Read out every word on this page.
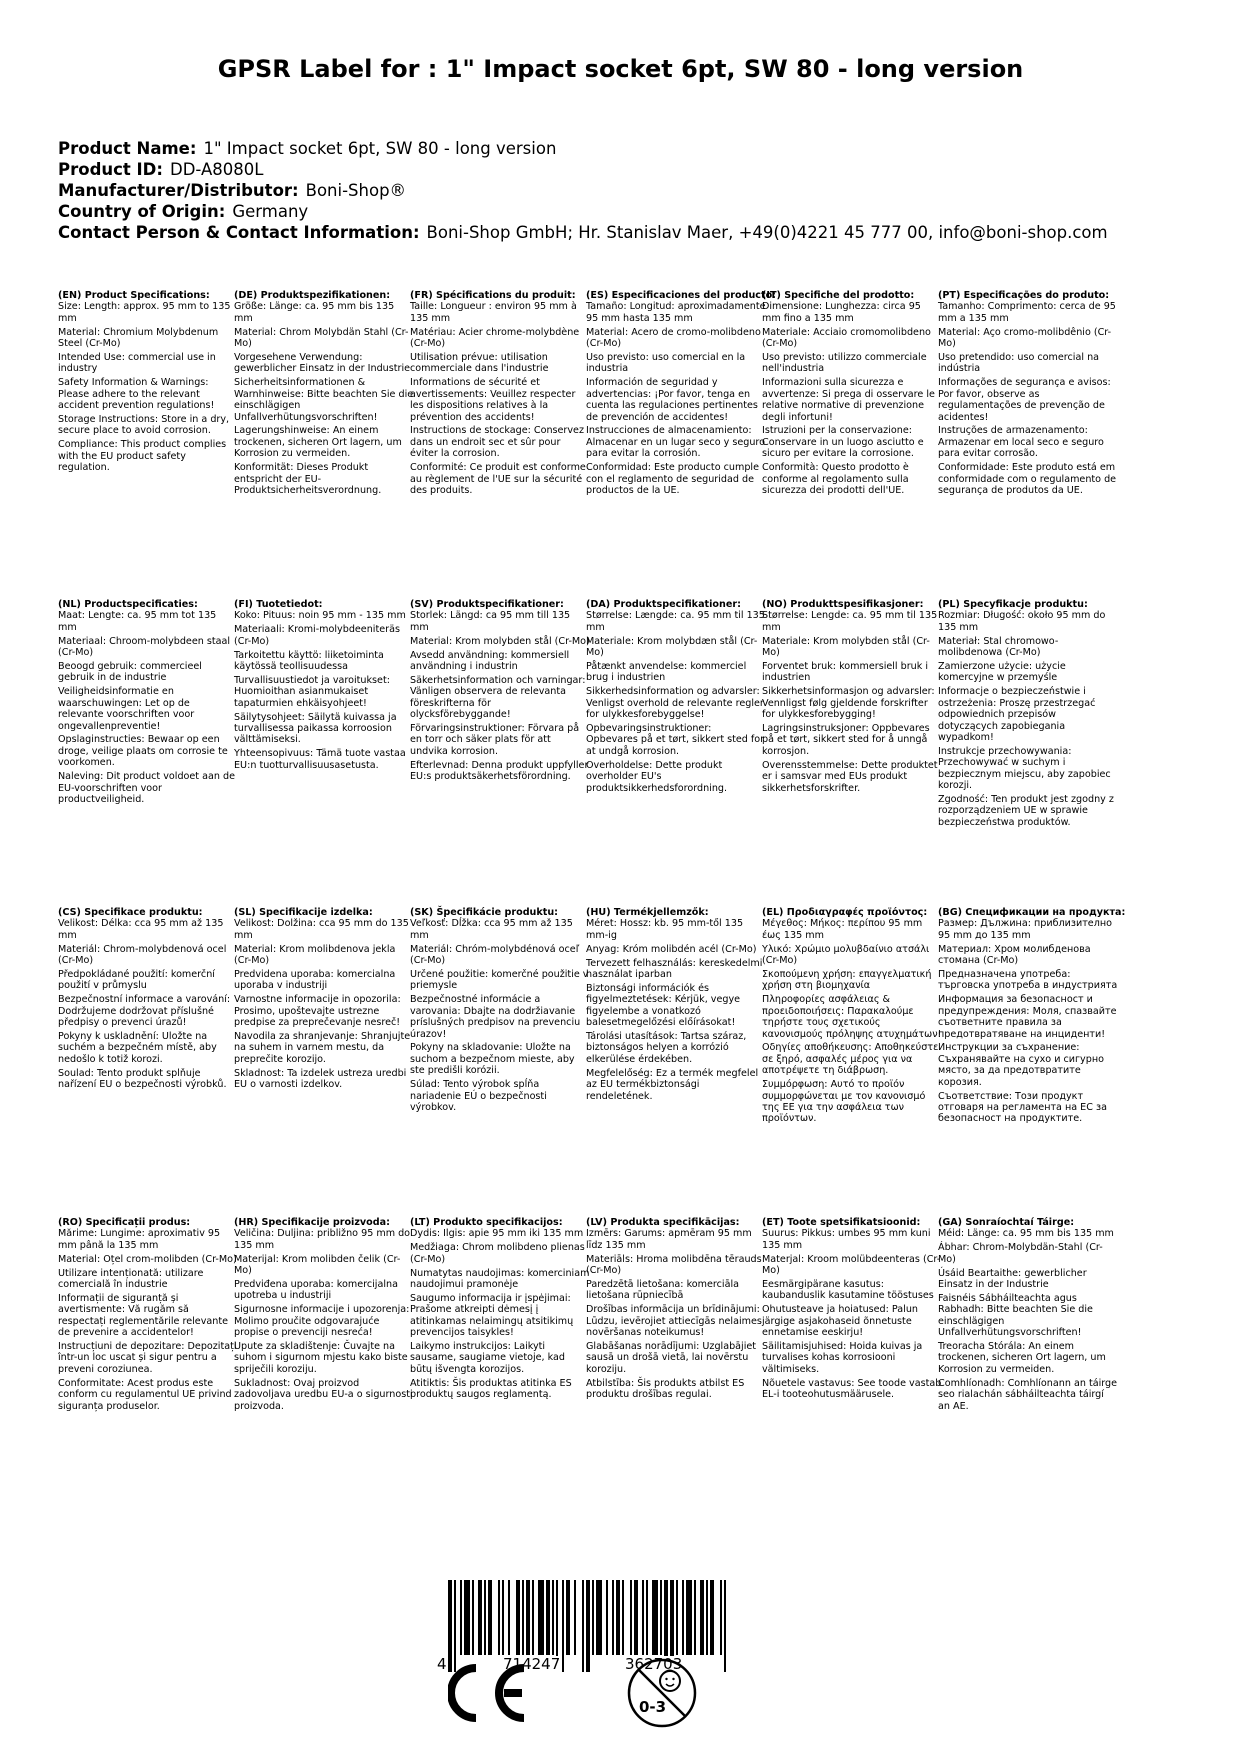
GPSR Label for : 1" Impact socket 6pt, SW 80 - long version
Product Name: 1" Impact socket 6pt, SW 80 - long version
Product ID: DD-A8080L
Manufacturer/Distributor: Boni-Shop®
Country of Origin: Germany
Contact Person & Contact Information: Boni-Shop GmbH; Hr. Stanislav Maer, +49(0)4221 45 777 00, info@boni-shop.com
(EN) Product Specifications:
Size: Length: approx. 95 mm to 135 mm
Material: Chromium Molybdenum Steel (Cr-Mo)
Intended Use: commercial use in industry
Safety Information & Warnings: Please adhere to the relevant accident prevention regulations!
Storage Instructions: Store in a dry, secure place to avoid corrosion.
Compliance: This product complies with the EU product safety regulation.
(DE) Produktspezifikationen:
Größe: Länge: ca. 95 mm bis 135 mm
Material: Chrom Molybdän Stahl (Cr-Mo)
Vorgesehene Verwendung: gewerblicher Einsatz in der Industrie
Sicherheitsinformationen & Warnhinweise: Bitte beachten Sie die einschlägigen Unfallverhütungsvorschriften!
Lagerungshinweise: An einem trockenen, sicheren Ort lagern, um Korrosion zu vermeiden.
Konformität: Dieses Produkt entspricht der EU-Produktsicherheitsverordnung.
(FR) Spécifications du produit:
Taille: Longueur : environ 95 mm à 135 mm
Matériau: Acier chrome-molybdène (Cr-Mo)
Utilisation prévue: utilisation commerciale dans l'industrie
Informations de sécurité et avertissements: Veuillez respecter les dispositions relatives à la prévention des accidents!
Instructions de stockage: Conservez dans un endroit sec et sûr pour éviter la corrosion.
Conformité: Ce produit est conforme au règlement de l'UE sur la sécurité des produits.
(ES) Especificaciones del producto:
Tamaño: Longitud: aproximadamente 95 mm hasta 135 mm
Material: Acero de cromo-molibdeno (Cr-Mo)
Uso previsto: uso comercial en la industria
Información de seguridad y advertencias: ¡Por favor, tenga en cuenta las regulaciones pertinentes de prevención de accidentes!
Instrucciones de almacenamiento: Almacenar en un lugar seco y seguro para evitar la corrosión.
Conformidad: Este producto cumple con el reglamento de seguridad de productos de la UE.
(IT) Specifiche del prodotto:
Dimensione: Lunghezza: circa 95 mm fino a 135 mm
Materiale: Acciaio cromomolibdeno (Cr-Mo)
Uso previsto: utilizzo commerciale nell'industria
Informazioni sulla sicurezza e avvertenze: Si prega di osservare le relative normative di prevenzione degli infortuni!
Istruzioni per la conservazione: Conservare in un luogo asciutto e sicuro per evitare la corrosione.
Conformità: Questo prodotto è conforme al regolamento sulla sicurezza dei prodotti dell'UE.
(PT) Especificações do produto:
Tamanho: Comprimento: cerca de 95 mm a 135 mm
Material: Aço cromo-molibdênio (Cr-Mo)
Uso pretendido: uso comercial na indústria
Informações de segurança e avisos: Por favor, observe as regulamentações de prevenção de acidentes!
Instruções de armazenamento: Armazenar em local seco e seguro para evitar corrosão.
Conformidade: Este produto está em conformidade com o regulamento de segurança de produtos da UE.
(NL) Productspecificaties:
Maat: Lengte: ca. 95 mm tot 135 mm
Materiaal: Chroom-molybdeen staal (Cr-Mo)
Beoogd gebruik: commercieel gebruik in de industrie
Veiligheidsinformatie en waarschuwingen: Let op de relevante voorschriften voor ongevallenpreventie!
Opslaginstructies: Bewaar op een droge, veilige plaats om corrosie te voorkomen.
Naleving: Dit product voldoet aan de EU-voorschriften voor productveiligheid.
(FI) Tuotetiedot:
Koko: Pituus: noin 95 mm - 135 mm
Materiaali: Kromi-molybdeeniteräs (Cr-Mo)
Tarkoitettu käyttö: liiketoiminta käytössä teollisuudessa
Turvallisuustiedot ja varoitukset: Huomioithan asianmukaiset tapaturmien ehkäisyohjeet!
Säilytysohjeet: Säilytä kuivassa ja turvallisessa paikassa korroosion välttämiseksi.
Yhteensopivuus: Tämä tuote vastaa EU:n tuotturvallisuusasetusta.
(SV) Produktspecifikationer:
Storlek: Längd: ca 95 mm till 135 mm
Material: Krom molybden stål (Cr-Mo)
Avsedd användning: kommersiell användning i industrin
Säkerhetsinformation och varningar: Vänligen observera de relevanta föreskrifterna för olycksförebyggande!
Förvaringsinstruktioner: Förvara på en torr och säker plats för att undvika korrosion.
Efterlevnad: Denna produkt uppfyller EU:s produktsäkerhetsförordning.
(DA) Produktspecifikationer:
Størrelse: Længde: ca. 95 mm til 135 mm
Materiale: Krom molybdæn stål (Cr-Mo)
Påtænkt anvendelse: kommerciel brug i industrien
Sikkerhedsinformation og advarsler: Venligst overhold de relevante regler for ulykkesforebyggelse!
Opbevaringsinstruktioner: Opbevares på et tørt, sikkert sted for at undgå korrosion.
Overholdelse: Dette produkt overholder EU's produktsikkerhedsforordning.
(NO) Produkttspesifikasjoner:
Størrelse: Lengde: ca. 95 mm til 135 mm
Materiale: Krom molybden stål (Cr-Mo)
Forventet bruk: kommersiell bruk i industrien
Sikkerhetsinformasjon og advarsler: Vennligst følg gjeldende forskrifter for ulykkesforebygging!
Lagringsinstruksjoner: Oppbevares på et tørt, sikkert sted for å unngå korrosjon.
Overensstemmelse: Dette produktet er i samsvar med EUs produkt sikkerhetsforskrifter.
(PL) Specyfikacje produktu:
Rozmiar: Długość: około 95 mm do 135 mm
Materiał: Stal chromowo-molibdenowa (Cr-Mo)
Zamierzone użycie: użycie komercyjne w przemyśle
Informacje o bezpieczeństwie i ostrzeżenia: Proszę przestrzegać odpowiednich przepisów dotyczących zapobiegania wypadkom!
Instrukcje przechowywania: Przechowywać w suchym i bezpiecznym miejscu, aby zapobiec korozji.
Zgodność: Ten produkt jest zgodny z rozporządzeniem UE w sprawie bezpieczeństwa produktów.
(CS) Specifikace produktu:
Velikost: Délka: cca 95 mm až 135 mm
Materiál: Chrom-molybdenová ocel (Cr-Mo)
Předpokládané použití: komerční použití v průmyslu
Bezpečnostní informace a varování: Dodržujeme dodržovat příslušné předpisy o prevenci úrazů!
Pokyny k uskladnění: Uložte na suchém a bezpečném místě, aby nedošlo k totiž korozi.
Soulad: Tento produkt splňuje nařízení EU o bezpečnosti výrobků.
(SL) Specifikacije izdelka:
Velikost: Dolžina: cca 95 mm do 135 mm
Material: Krom molibdenova jekla (Cr-Mo)
Predvidena uporaba: komercialna uporaba v industriji
Varnostne informacije in opozorila: Prosimo, upoštevajte ustrezne predpise za preprečevanje nesreč!
Navodila za shranjevanje: Shranjujte na suhem in varnem mestu, da preprečite korozijo.
Skladnost: Ta izdelek ustreza uredbi EU o varnosti izdelkov.
(SK) Špecifikácie produktu:
Veľkosť: Dĺžka: cca 95 mm až 135 mm
Materiál: Chróm-molybdénová oceľ (Cr-Mo)
Určené použitie: komerčné použitie v priemysle
Bezpečnostné informácie a varovania: Dbajte na dodržiavanie príslušných predpisov na prevenciu úrazov!
Pokyny na skladovanie: Uložte na suchom a bezpečnom mieste, aby ste predišli korózii.
Súlad: Tento výrobok spĺňa nariadenie EÚ o bezpečnosti výrobkov.
(HU) Termékjellemzők:
Méret: Hossz: kb. 95 mm-től 135 mm-ig
Anyag: Króm molibdén acél (Cr-Mo)
Tervezett felhasználás: kereskedelmi használat iparban
Biztonsági információk és figyelmeztetések: Kérjük, vegye figyelembe a vonatkozó balesetmegelőzési előírásokat!
Tárolási utasítások: Tartsa száraz, biztonságos helyen a korrózió elkerülése érdekében.
Megfelelőség: Ez a termék megfelel az EU termékbiztonsági rendeletének.
(EL) Προδιαγραφές προϊόντος:
Μέγεθος: Μήκος: περίπου 95 mm έως 135 mm
Υλικό: Χρώμιο μολυβδαίνιο ατσάλι (Cr-Mo)
Σκοπούμενη χρήση: επαγγελματική χρήση στη βιομηχανία
Πληροφορίες ασφάλειας & προειδοποιήσεις: Παρακαλούμε τηρήστε τους σχετικούς κανονισμούς πρόληψης ατυχημάτων!
Οδηγίες αποθήκευσης: Αποθηκεύστε σε ξηρό, ασφαλές μέρος για να αποτρέψετε τη διάβρωση.
Συμμόρφωση: Αυτό το προϊόν συμμορφώνεται με τον κανονισμό της ΕΕ για την ασφάλεια των προϊόντων.
(BG) Спецификации на продукта:
Размер: Дължина: приблизително 95 mm до 135 mm
Материал: Хром молибденова стомана (Cr-Mo)
Предназначена употреба: търговска употреба в индустрията
Информация за безопасност и предупреждения: Моля, спазвайте съответните правила за предотвратяване на инциденти!
Инструкции за съхранение: Съхранявайте на сухо и сигурно място, за да предотвратите корозия.
Съответствие: Този продукт отговаря на регламента на ЕС за безопасност на продуктите.
(RO) Specificații produs:
Mărime: Lungime: aproximativ 95 mm până la 135 mm
Material: Oțel crom-molibden (Cr-Mo)
Utilizare intenționată: utilizare comercială în industrie
Informații de siguranță și avertismente: Vă rugăm să respectați reglementările relevante de prevenire a accidentelor!
Instrucțiuni de depozitare: Depozitați într-un loc uscat și sigur pentru a preveni coroziunea.
Conformitate: Acest produs este conform cu regulamentul UE privind siguranța produselor.
(HR) Specifikacije proizvoda:
Veličina: Duljina: približno 95 mm do 135 mm
Materijal: Krom molibden čelik (Cr-Mo)
Predviđena uporaba: komercijalna upotreba u industriji
Sigurnosne informacije i upozorenja: Molimo proučite odgovarajuće propise o prevenciji nesreća!
Upute za skladištenje: Čuvajte na suhom i sigurnom mjestu kako biste spriječili koroziju.
Sukladnost: Ovaj proizvod zadovoljava uredbu EU-a o sigurnosti proizvoda.
(LT) Produkto specifikacijos:
Dydis: Ilgis: apie 95 mm iki 135 mm
Medžiaga: Chrom molibdeno plienas (Cr-Mo)
Numatytas naudojimas: komerciniam naudojimui pramonėje
Saugumo informacija ir įspėjimai: Prašome atkreipti dėmesį į atitinkamas nelaimingų atsitikimų prevencijos taisykles!
Laikymo instrukcijos: Laikyti sausame, saugiame vietoje, kad būtų išvengta korozijos.
Atitiktis: Šis produktas atitinka ES produktų saugos reglamentą.
(LV) Produkta specifikācijas:
Izmērs: Garums: apmēram 95 mm līdz 135 mm
Materiāls: Hroma molibdēna tērauds (Cr-Mo)
Paredzētā lietošana: komerciāla lietošana rūpniecībā
Drošības informācija un brīdinājumi: Lūdzu, ievērojiet attiecīgās nelaimes novēršanas noteikumus!
Glabāšanas norādījumi: Uzglabājiet sausā un drošā vietā, lai novērstu koroziju.
Atbilstība: Šis produkts atbilst ES produktu drošības regulai.
(ET) Toote spetsifikatsioonid:
Suurus: Pikkus: umbes 95 mm kuni 135 mm
Materjal: Kroom molübdeenteras (Cr-Mo)
Eesmärgipärane kasutus: kaubanduslik kasutamine tööstuses
Ohutusteave ja hoiatused: Palun järgige asjakohaseid õnnetuste ennetamise eeskirju!
Säilitamisjuhised: Hoida kuivas ja turvalises kohas korrosiooni vältimiseks.
Nõuetele vastavus: See toode vastab EL-i tooteohutusmäärusele.
(GA) Sonraíochtaí Táirge:
Méid: Länge: ca. 95 mm bis 135 mm
Ábhar: Chrom-Molybdän-Stahl (Cr-Mo)
Úsáid Beartaithe: gewerblicher Einsatz in der Industrie
Faisnéis Sábháilteachta agus Rabhadh: Bitte beachten Sie die einschlägigen Unfallverhütungsvorschriften!
Treoracha Stórála: An einem trockenen, sicheren Ort lagern, um Korrosion zu vermeiden.
Comhlíonadh: Comhlíonann an táirge seo rialachán sábháilteachta táirgí an AE.
4	714247	362703
0-3
